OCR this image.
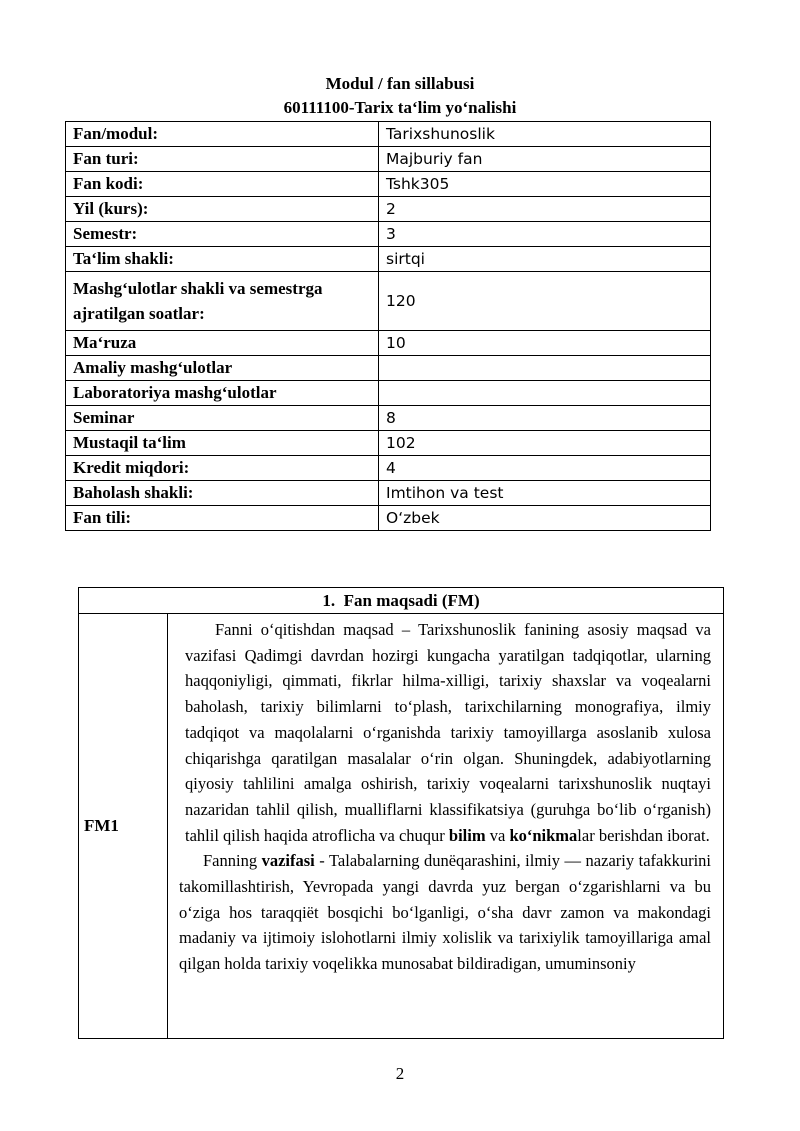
Modul / fan sillabusi
60111100-Tarix ta‘lim yo‘nalishi
Fan/modul:	Tarixshunoslik
Fan turi:	Majburiy fan
Fan kodi:	Tshk305
Yil (kurs):	2
Semestr:	3
Ta‘lim shakli:	sirtqi
Mashg‘ulotlar shakli va semestrga ajratilgan soatlar:	120
Ma‘ruza	10
Amaliy mashg‘ulotlar	
Laboratoriya mashg‘ulotlar	
Seminar	8
Mustaqil ta‘lim	102
Kredit miqdori:	4
Baholash shakli:	Imtihon va test
Fan tili:	O‘zbek
1. Fan maqsadi (FM)
FM1	

Fanni o‘qitishdan maqsad – Tarixshunoslik fanining asosiy maqsad va vazifasi Qadimgi davrdan hozirgi kungacha yaratilgan tadqiqotlar, ularning haqqoniyligi, qimmati, fikrlar hilma-xilligi, tarixiy shaxslar va voqealarni baholash, tarixiy bilimlarni to‘plash, tarixchilarning monografiya, ilmiy tadqiqot va maqolalarni o‘rganishda tarixiy tamoyillarga asoslanib xulosa chiqarishga qaratilgan masalalar o‘rin olgan. Shuningdek, adabiyotlarning qiyosiy tahlilini amalga oshirish, tarixiy voqealarni tarixshunoslik nuqtayi nazaridan tahlil qilish, mualliflarni klassifikatsiya (guruhga bo‘lib o‘rganish) tahlil qilish haqida atroflicha va chuqur bilim va ko‘nikmalar berishdan iborat.

Fanning vazifasi - Talabalarning dunëqarashini, ilmiy — nazariy tafakkurini takomillashtirish, Yevropada yangi davrda yuz bergan o‘zgarishlarni va bu o‘ziga hos taraqqiët bosqichi bo‘lganligi, o‘sha davr zamon va makondagi madaniy va ijtimoiy islohotlarni ilmiy xolislik va tarixiylik tamoyillariga amal qilgan holda tarixiy voqelikka munosabat bildiradigan, umuminsoniy

2
